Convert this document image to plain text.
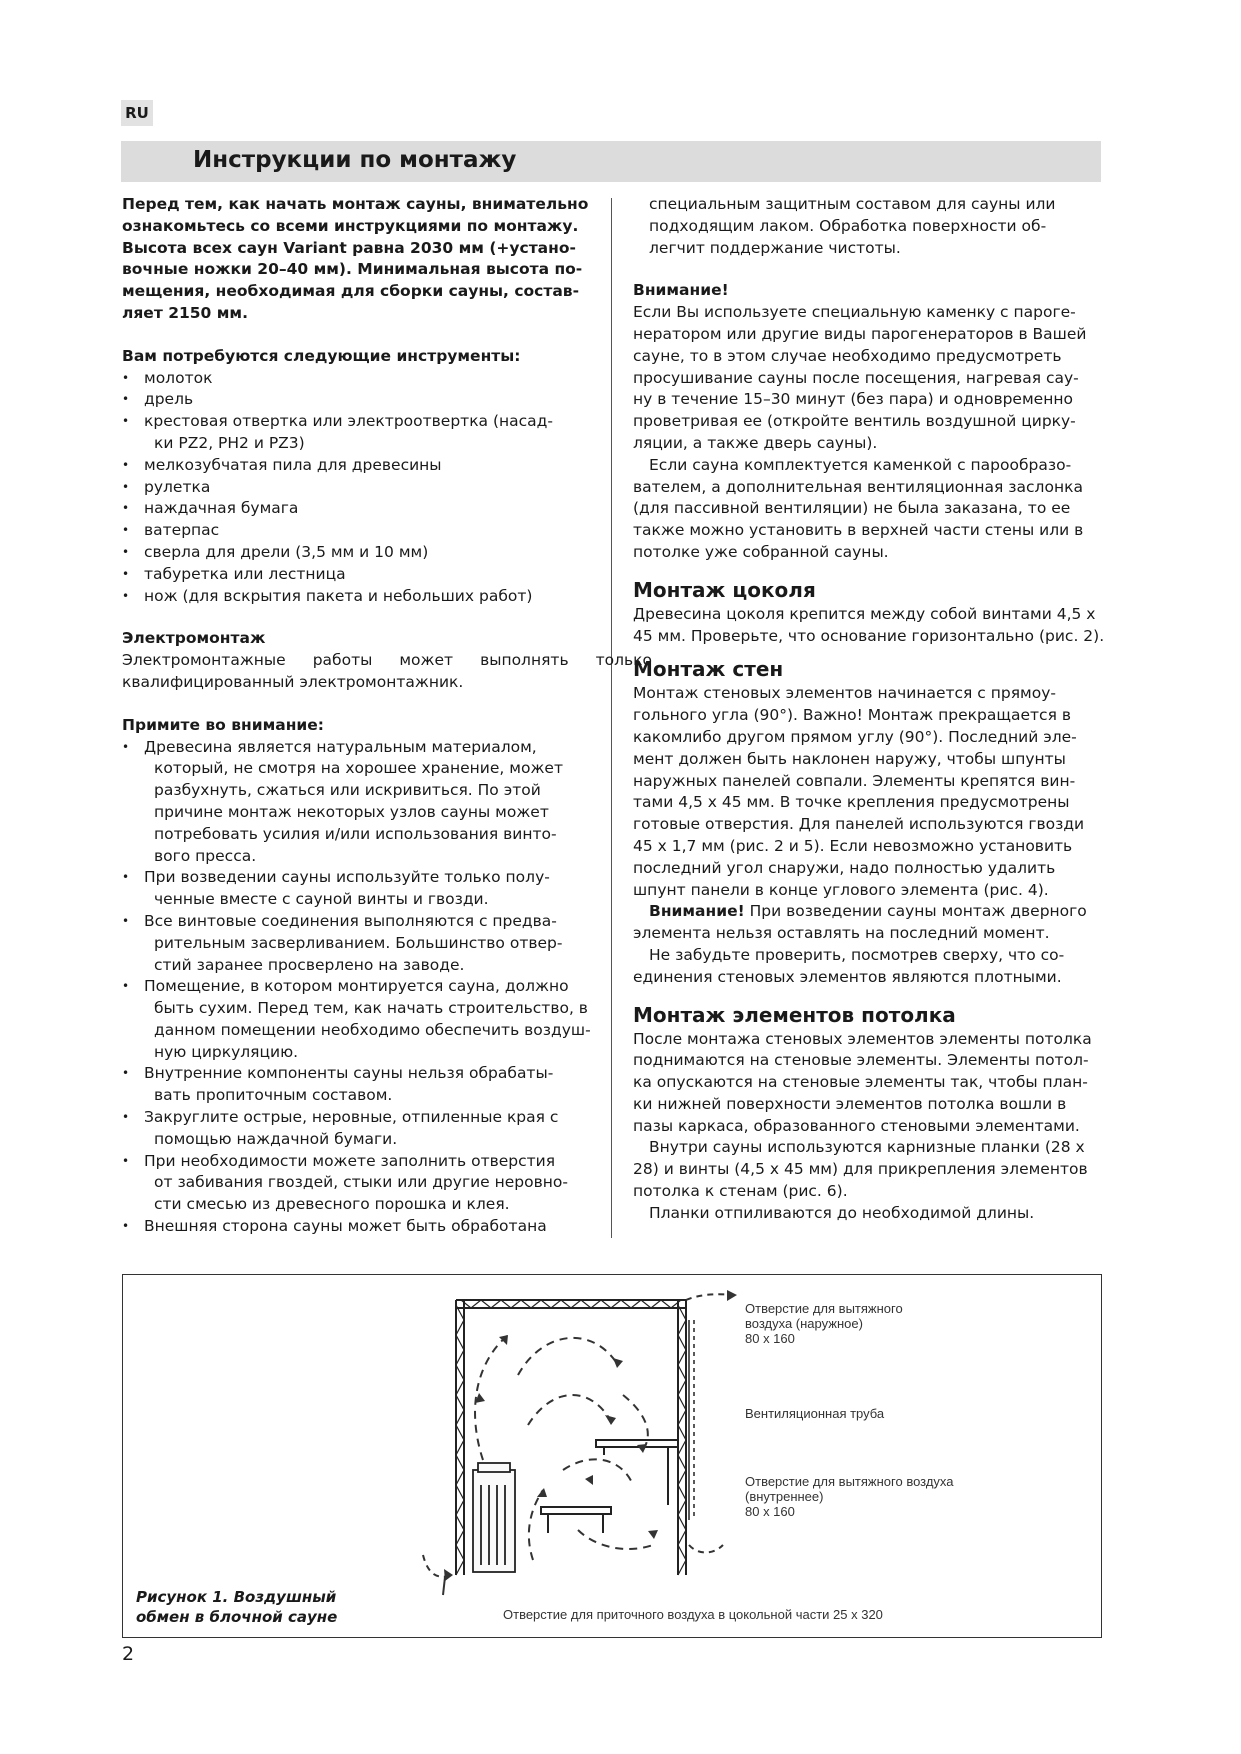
RU
Инструкции по монтажу

Перед тем, как начать монтаж сауны, внимательно
ознакомьтесь со всеми инструкциями по монтажу.
Высота всех саун Variant равна 2030 мм (+устано-
вочные ножки 20–40 мм). Минимальная высота по-
мещения, необходимая для сборки сауны, состав-
ляет 2150 мм.

Вам потребуются следующие инструменты:

• молоток
• дрель
• крестовая отвертка или электроотвертка (насад-
ки PZ2, PH2 и PZ3)
• мелкозубчатая пила для древесины
• рулетка
• наждачная бумага
• ватерпас
• сверла для дрели (3,5 мм и 10 мм)
• табуретка или лестница
• нож (для вскрытия пакета и небольших работ)

Электромонтаж

Электромонтажные работы может выполнять только
квалифицированный электромонтажник.

Примите во внимание:

• Древесина является натуральным материалом,
который, не смотря на хорошее хранение, может
разбухнуть, сжаться или искривиться. По этой
причине монтаж некоторых узлов сауны может
потребовать усилия и/или использования винто-
вого пресса.
• При возведении сауны используйте только полу-
ченные вместе с сауной винты и гвозди.
• Все винтовые соединения выполняются с предва-
рительным засверливанием. Большинство отвер-
стий заранее просверлено на заводе.
• Помещение, в котором монтируется сауна, должно
быть сухим. Перед тем, как начать строительство, в
данном помещении необходимо обеспечить воздуш-
ную циркуляцию.
• Внутренние компоненты сауны нельзя обрабаты-
вать пропиточным составом.
• Закруглите острые, неровные, отпиленные края с
помощью наждачной бумаги.
• При необходимости можете заполнить отверстия
от забивания гвоздей, стыки или другие неровно-
сти смесью из древесного порошка и клея.
• Внешняя сторона сауны может быть обработана

специальным защитным составом для сауны или
подходящим лаком. Обработка поверхности об-
легчит поддержание чистоты.

Внимание!

Если Вы используете специальную каменку с пароге-
нератором или другие виды парогенераторов в Вашей
сауне, то в этом случае необходимо предусмотреть
просушивание сауны после посещения, нагревая сау-
ну в течение 15–30 минут (без пара) и одновременно
проветривая ее (откройте вентиль воздушной цирку-
ляции, а также дверь сауны).

Если сауна комплектуется каменкой с парообразо-
вателем, а дополнительная вентиляционная заслонка
(для пассивной вентиляции) не была заказана, то ее
также можно установить в верхней части стены или в
потолке уже собранной сауны.

Монтаж цоколя

Древесина цоколя крепится между собой винтами 4,5 х
45 мм. Проверьте, что основание горизонтально (рис. 2).

Монтаж стен

Монтаж стеновых элементов начинается с прямоу-
гольного угла (90°). Важно! Монтаж прекращается в
какомлибо другом прямом углу (90°). Последний эле-
мент должен быть наклонен наружу, чтобы шпунты
наружных панелей совпали. Элементы крепятся вин-
тами 4,5 х 45 мм. В точке крепления предусмотрены
готовые отверстия. Для панелей используются гвозди
45 х 1,7 мм (рис. 2 и 5). Если невозможно установить
последний угол снаружи, надо полностью удалить
шпунт панели в конце углового элемента (рис. 4).

Внимание! При возведении сауны монтаж дверного
элемента нельзя оставлять на последний момент.

Не забудьте проверить, посмотрев сверху, что со-
единения стеновых элементов являются плотными.

Монтаж элементов потолка

После монтажа стеновых элементов элементы потолка
поднимаются на стеновые элементы. Элементы потол-
ка опускаются на стеновые элементы так, чтобы план-
ки нижней поверхности элементов потолка вошли в
пазы каркаса, образованного стеновыми элементами.

Внутри сауны используются карнизные планки (28 х
28) и винты (4,5 х 45 мм) для прикрепления элементов
потолка к стенам (рис. 6).

Планки отпиливаются до необходимой длины.

Отверстие для вытяжного воздуха (наружное) 80 x 160
Вентиляционная труба
Отверстие для вытяжного воздуха (внутреннее) 80 x 160
Отверстие для приточного воздуха в цокольной части 25 х 320
Рисунок 1. Воздушный
обмен в блочной сауне
2
